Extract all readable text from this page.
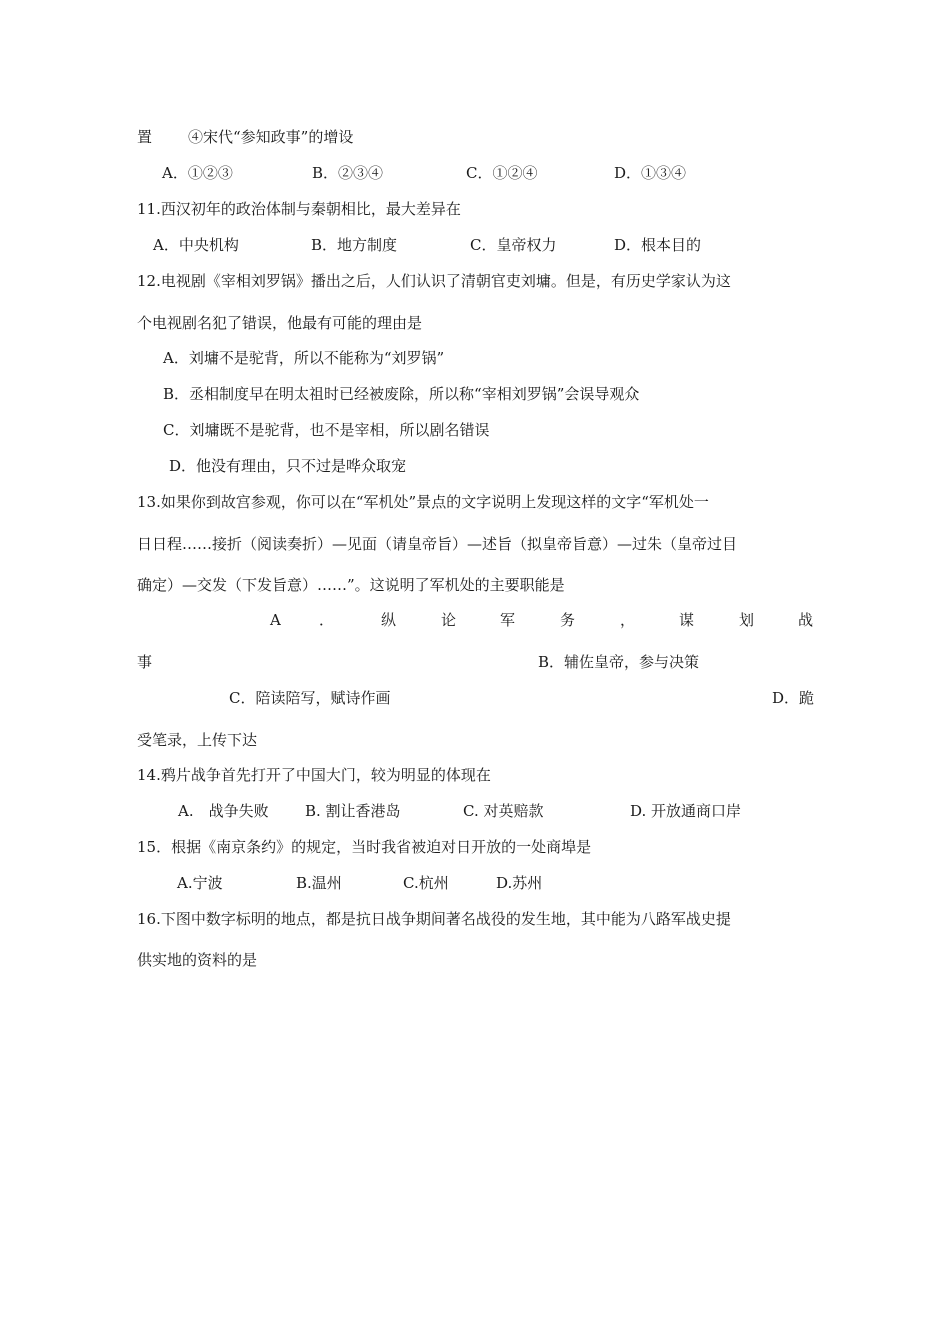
置 ④宋代“参知政事”的增设
A．①②③	B．②③④	C．①②④	D．①③④
11.西汉初年的政治体制与秦朝相比，最大差异在
A．中央机构	B．地方制度	C．皇帝权力	D．根本目的
12.电视剧《宰相刘罗锅》播出之后，人们认识了清朝官吏刘墉。但是，有历史学家认为这
个电视剧名犯了错误，他最有可能的理由是
A．刘墉不是驼背，所以不能称为“刘罗锅”
B．丞相制度早在明太祖时已经被废除，所以称“宰相刘罗锅”会误导观众
C．刘墉既不是驼背，也不是宰相，所以剧名错误
D．他没有理由，只不过是哗众取宠
13.如果你到故宫参观，你可以在“军机处”景点的文字说明上发现这样的文字“军机处一
日日程……接折（阅读奏折）—见面（请皇帝旨）—述旨（拟皇帝旨意）—过朱（皇帝过目
确定）—交发（下发旨意）……”。这说明了军机处的主要职能是
A	．	纵	论	军	务	，	谋	划	战
事	B．辅佐皇帝，参与决策
C．陪读陪写，赋诗作画	D．跪
受笔录，上传下达
14.鸦片战争首先打开了中国大门，较为明显的体现在
A.　战争失败 B. 割让香港岛	C. 对英赔款	D. 开放通商口岸
15．根据《南京条约》的规定，当时我省被迫对日开放的一处商埠是
A.宁波	B.温州	C.杭州	D.苏州
16.下图中数字标明的地点，都是抗日战争期间著名战役的发生地，其中能为八路军战史提
供实地的资料的是
